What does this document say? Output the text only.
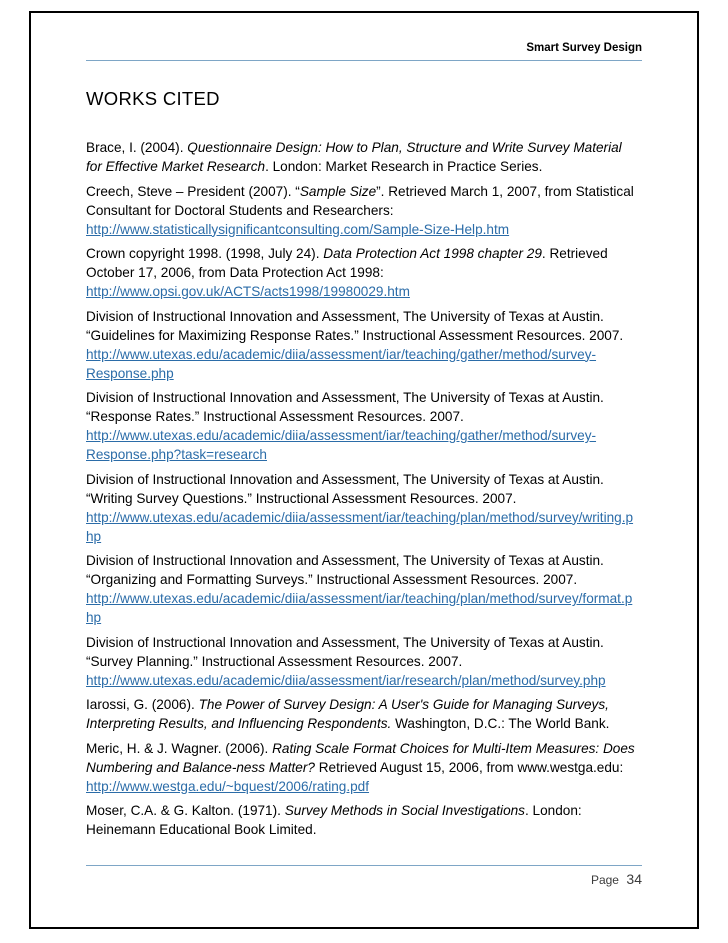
Smart Survey Design
WORKS CITED
Brace, I. (2004). Questionnaire Design: How to Plan, Structure and Write Survey Material
for Effective Market Research. London: Market Research in Practice Series.
Creech, Steve – President (2007). “Sample Size”. Retrieved March 1, 2007, from Statistical
Consultant for Doctoral Students and Researchers:
http://www.statisticallysignificantconsulting.com/Sample-Size-Help.htm
Crown copyright 1998. (1998, July 24). Data Protection Act 1998 chapter 29. Retrieved
October 17, 2006, from Data Protection Act 1998:
http://www.opsi.gov.uk/ACTS/acts1998/19980029.htm
Division of Instructional Innovation and Assessment, The University of Texas at Austin.
“Guidelines for Maximizing Response Rates.” Instructional Assessment Resources. 2007.
http://www.utexas.edu/academic/diia/assessment/iar/teaching/gather/method/survey-
Response.php
Division of Instructional Innovation and Assessment, The University of Texas at Austin.
“Response Rates.” Instructional Assessment Resources. 2007.
http://www.utexas.edu/academic/diia/assessment/iar/teaching/gather/method/survey-
Response.php?task=research
Division of Instructional Innovation and Assessment, The University of Texas at Austin.
“Writing Survey Questions.” Instructional Assessment Resources. 2007.
http://www.utexas.edu/academic/diia/assessment/iar/teaching/plan/method/survey/writing.p
hp
Division of Instructional Innovation and Assessment, The University of Texas at Austin.
“Organizing and Formatting Surveys.” Instructional Assessment Resources. 2007.
http://www.utexas.edu/academic/diia/assessment/iar/teaching/plan/method/survey/format.p
hp
Division of Instructional Innovation and Assessment, The University of Texas at Austin.
“Survey Planning.” Instructional Assessment Resources. 2007.
http://www.utexas.edu/academic/diia/assessment/iar/research/plan/method/survey.php
Iarossi, G. (2006). The Power of Survey Design: A User's Guide for Managing Surveys,
Interpreting Results, and Influencing Respondents. Washington, D.C.: The World Bank.
Meric, H. & J. Wagner. (2006). Rating Scale Format Choices for Multi-Item Measures: Does
Numbering and Balance-ness Matter? Retrieved August 15, 2006, from www.westga.edu:
http://www.westga.edu/~bquest/2006/rating.pdf
Moser, C.A. & G. Kalton. (1971). Survey Methods in Social Investigations. London:
Heinemann Educational Book Limited.
Page 34
